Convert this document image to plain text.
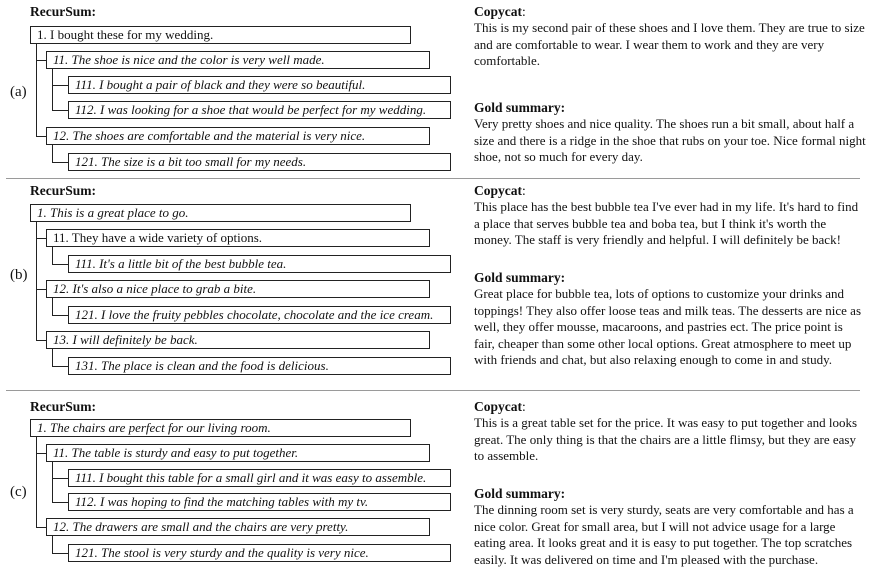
RecurSum:
(a)
1. I bought these for my wedding.
11. The shoe is nice and the color is very well made.
111. I bought a pair of black and they were so beautiful.
112. I was looking for a shoe that would be perfect for my wedding.
12. The shoes are comfortable and the material is very nice.
121. The size is a bit too small for my needs.
Copycat:
This is my second pair of these shoes and I love them. They are true to size and are comfortable to wear. I wear them to work and they are very comfortable.
Gold summary:
Very pretty shoes and nice quality. The shoes run a bit small, about half a size and there is a ridge in the shoe that rubs on your toe. Nice formal night shoe, not so much for every day.
RecurSum:
(b)
1. This is a great place to go.
11. They have a wide variety of options.
111. It's a little bit of the best bubble tea.
12. It's also a nice place to grab a bite.
121. I love the fruity pebbles chocolate, chocolate and the ice cream.
13. I will definitely be back.
131. The place is clean and the food is delicious.
Copycat:
This place has the best bubble tea I've ever had in my life. It's hard to find a place that serves bubble tea and boba tea, but I think it's worth the money. The staff is very friendly and helpful. I will definitely be back!
Gold summary:
Great place for bubble tea, lots of options to customize your drinks and toppings! They also offer loose teas and milk teas. The desserts are nice as well, they offer mousse, macaroons, and pastries ect. The price point is fair, cheaper than some other local options. Great atmosphere to meet up with friends and chat, but also relaxing enough to come in and study.
RecurSum:
(c)
1. The chairs are perfect for our living room.
11. The table is sturdy and easy to put together.
111. I bought this table for a small girl and it was easy to assemble.
112. I was hoping to find the matching tables with my tv.
12. The drawers are small and the chairs are very pretty.
121. The stool is very sturdy and the quality is very nice.
Copycat:
This is a great table set for the price. It was easy to put together and looks great. The only thing is that the chairs are a little flimsy, but they are easy to assemble.
Gold summary:
The dinning room set is very sturdy, seats are very comfortable and has a nice color. Great for small area, but I will not advice usage for a large eating area. It looks great and it is easy to put together. The top scratches easily. It was delivered on time and I'm pleased with the purchase.
